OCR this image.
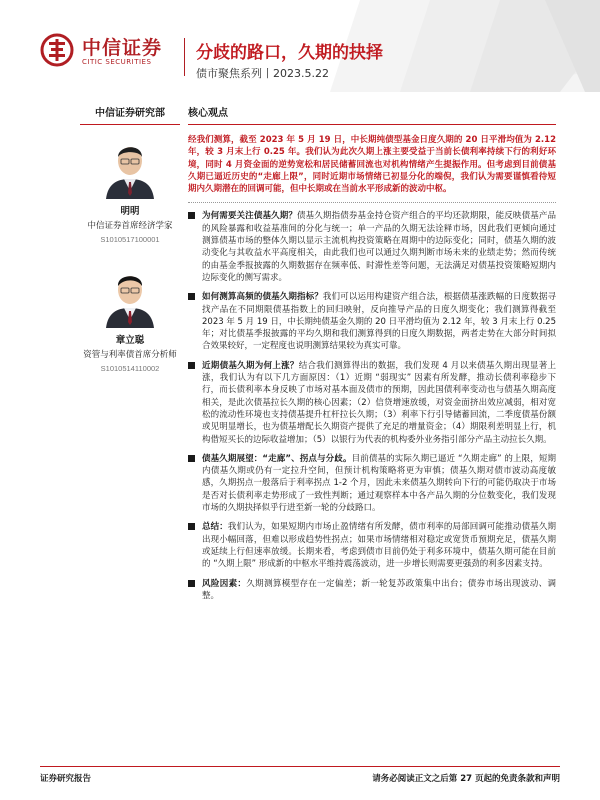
中信证券
CITIC SECURITIES	分歧的路口，久期的抉择
债市聚焦系列丨2023.5.22
中信证券研究部
明明
中信证券首席经济学家
S1010517100001
章立聪
资管与利率债首席分析师
S1010514110002
核心观点
经我们测算，截至 2023 年 5 月 19 日，中长期纯债型基金日度久期的 20 日平滑均值为 2.12 年，较 3 月末上行 0.25 年。我们认为此次久期上涨主要受益于当前长债利率持续下行的利好环境，同时 4 月资金面的逆势宽松和居民储蓄回流也对机构情绪产生提振作用。但考虑到目前债基久期已逼近历史的“走廊上限”，同时近期市场情绪已初显分化的端倪，我们认为需要谨慎看待短期内久期潜在的回调可能，但中长期或在当前水平形成新的波动中枢。
为何需要关注债基久期？债基久期指债券基金持仓资产组合的平均还款期限，能反映债基产品的风险暴露和收益基准间的分化与统一；单一产品的久期无法诠释市场，因此我们更倾向通过测算债基市场的整体久期以显示主流机构投资策略在周期中的边际变化；同时，债基久期的波动变化与其收益水平高度相关，由此我们也可以通过久期判断市场未来的业绩走势；然而传统的由基金季报披露的久期数据存在频率低、时滞性差等问题，无法满足对债基投资策略短期内边际变化的侧写需求。
如何测算高频的债基久期指标？我们可以运用构建资产组合法，根据债基涨跌幅的日度数据寻找产品在不同期限债基指数上的回归映射，反向推导产品的日度久期变化；我们测算得截至 2023 年 5 月 19 日，中长期纯债基金久期的 20 日平滑均值为 2.12 年，较 3 月末上行 0.25 年；对比债基季报披露的平均久期和我们测算得到的日度久期数据，两者走势在大部分时间拟合效果较好，一定程度也说明测算结果较为真实可靠。
近期债基久期为何上涨？结合我们测算得出的数据，我们发现 4 月以来债基久期出现显著上涨，我们认为有以下几方面原因：（1）近期 “弱现实” 因素有所发酵，推动长债利率稳步下行，而长债利率本身反映了市场对基本面及债市的预期，因此国债利率变动也与债基久期高度相关，是此次债基拉长久期的核心因素；（2）信贷增速放缓，对资金面挤出效应减弱，相对宽松的流动性环境也支持债基提升杠杆拉长久期；（3）利率下行引导储蓄回流，二季度债基份额或见明显增长，也为债基增配长久期资产提供了充足的增量资金；（4）期限利差明显上行，机构借短买长的边际收益增加；（5）以银行为代表的机构委外业务指引部分产品主动拉长久期。
债基久期展望：“走廊”、拐点与分歧。目前债基的实际久期已逼近 “久期走廊” 的上限，短期内债基久期或仍有一定拉升空间，但预计机构策略将更为审慎；债基久期对债市波动高度敏感，久期拐点一般落后于利率拐点 1-2 个月，因此未来债基久期转向下行的可能仍取决于市场是否对长债利率走势形成了一致性判断；通过观察样本中各产品久期的分位数变化，我们发现市场的久期抉择似乎行进至新一轮的分歧路口。
总结：我们认为，如果短期内市场止盈情绪有所发酵，债市利率的局部回调可能推动债基久期出现小幅回落，但难以形成趋势性拐点；如果市场情绪相对稳定或宽货币预期充足，债基久期或延续上行但速率放缓。长期来看，考虑到债市目前仍处于利多环境中，债基久期可能在目前的 “久期上限” 形成新的中枢水平维持震荡波动，进一步增长则需要更强劲的利多因素支持。
风险因素：久期测算模型存在一定偏差；新一轮复苏政策集中出台；债券市场出现波动、调整。
证券研究报告	请务必阅读正文之后第 27 页起的免责条款和声明
